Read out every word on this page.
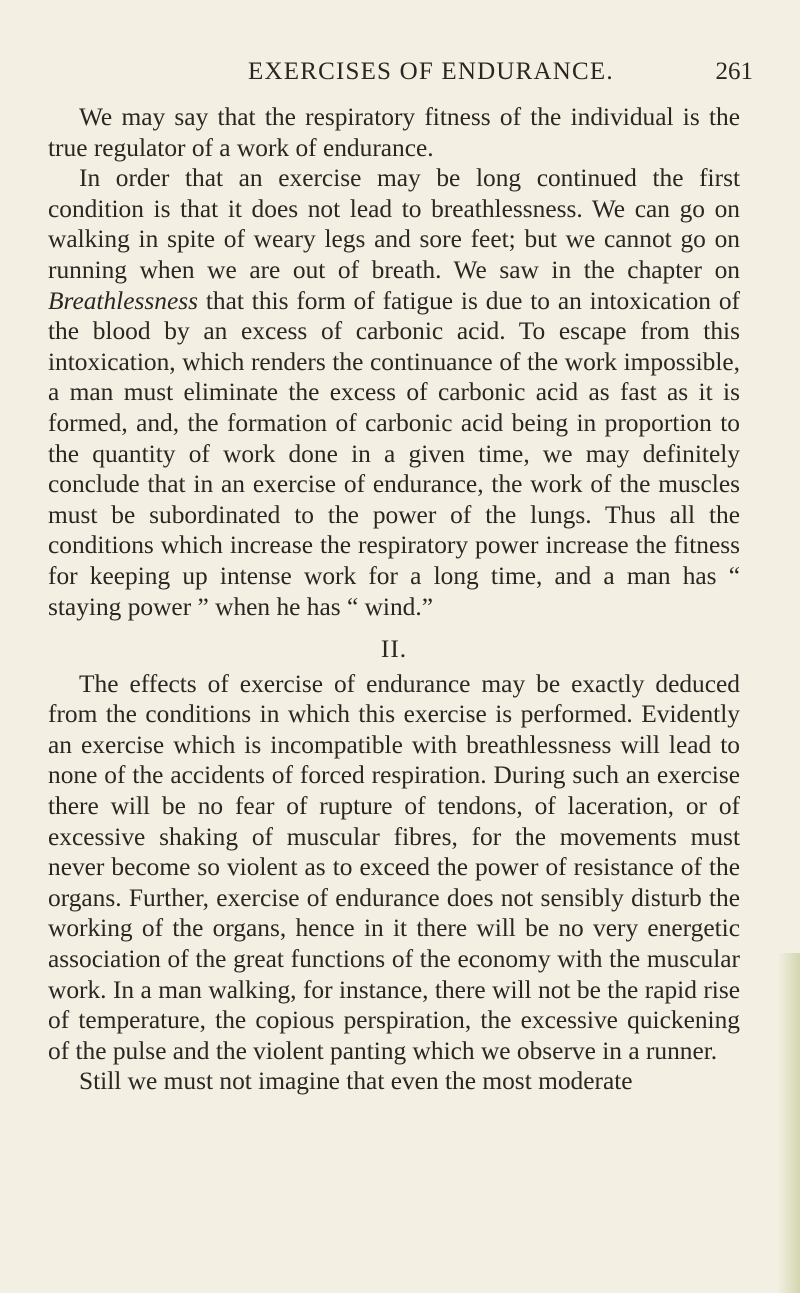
EXERCISES OF ENDURANCE.	261

We may say that the respiratory fitness of the individual is the true regulator of a work of endurance.

In order that an exercise may be long continued the first condition is that it does not lead to breathlessness. We can go on walking in spite of weary legs and sore feet; but we cannot go on running when we are out of breath. We saw in the chapter on Breathlessness that this form of fatigue is due to an intoxication of the blood by an excess of carbonic acid. To escape from this intoxication, which renders the continuance of the work impossible, a man must eliminate the excess of carbonic acid as fast as it is formed, and, the formation of carbonic acid being in proportion to the quantity of work done in a given time, we may definitely conclude that in an exercise of endurance, the work of the muscles must be subordinated to the power of the lungs. Thus all the conditions which increase the respiratory power increase the fitness for keeping up intense work for a long time, and a man has “ staying power ” when he has “ wind.”

II.

The effects of exercise of endurance may be exactly deduced from the conditions in which this exercise is performed. Evidently an exercise which is incompatible with breathlessness will lead to none of the accidents of forced respiration. During such an exercise there will be no fear of rupture of tendons, of laceration, or of excessive shaking of muscular fibres, for the movements must never become so violent as to exceed the power of resistance of the organs. Further, exercise of endurance does not sensibly disturb the working of the organs, hence in it there will be no very energetic association of the great functions of the economy with the muscular work. In a man walking, for instance, there will not be the rapid rise of temperature, the copious perspiration, the excessive quickening of the pulse and the violent panting which we observe in a runner.

Still we must not imagine that even the most moderate
